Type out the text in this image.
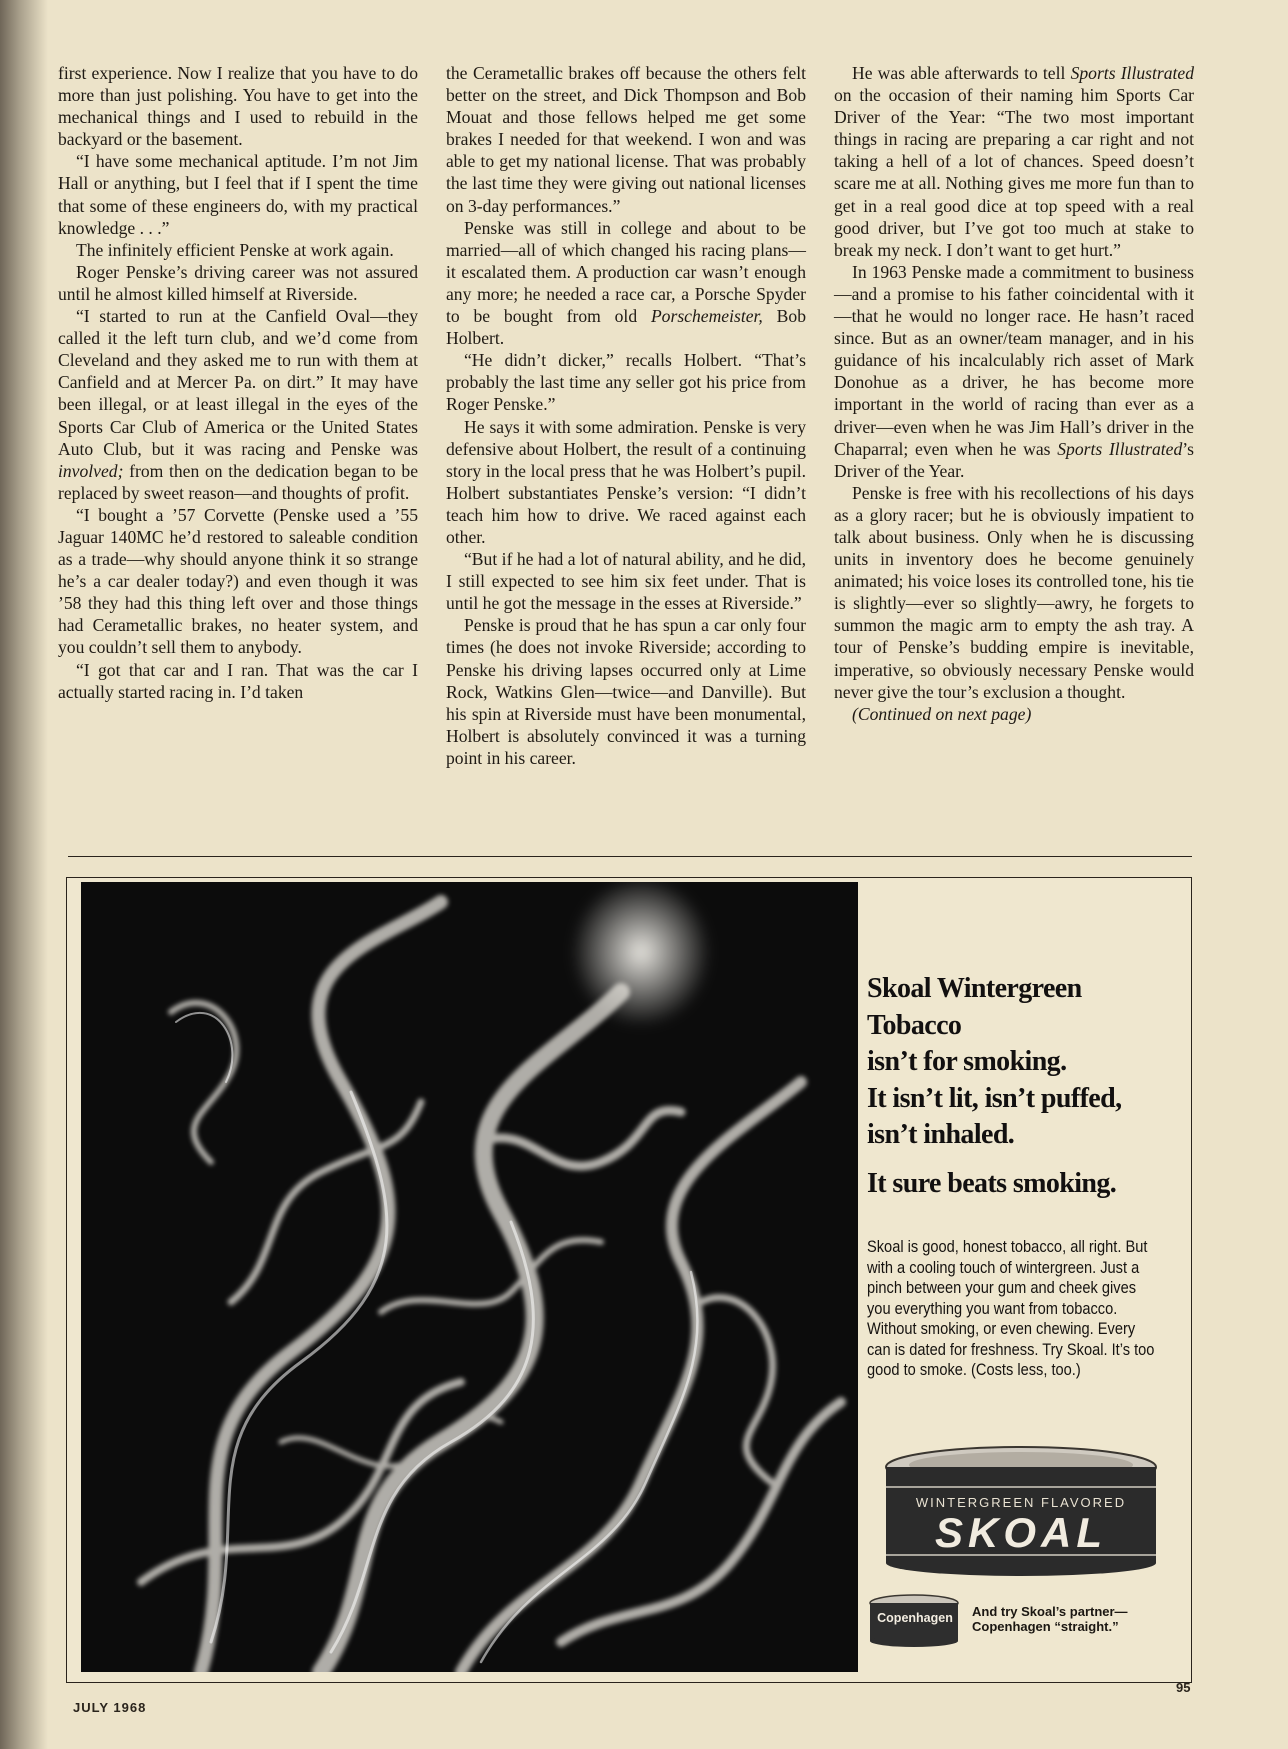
first experience. Now I realize that you have to do more than just polishing. You have to get into the mechanical things and I used to rebuild in the backyard or the basement.

“I have some mechanical aptitude. I’m not Jim Hall or anything, but I feel that if I spent the time that some of these engineers do, with my practical knowledge . . .”

The infinitely efficient Penske at work again.

Roger Penske’s driving career was not assured until he almost killed himself at Riverside.

“I started to run at the Canfield Oval—they called it the left turn club, and we’d come from Cleveland and they asked me to run with them at Canfield and at Mercer Pa. on dirt.” It may have been illegal, or at least illegal in the eyes of the Sports Car Club of America or the United States Auto Club, but it was racing and Penske was involved; from then on the dedication began to be replaced by sweet reason—and thoughts of profit.

“I bought a ’57 Corvette (Penske used a ’55 Jaguar 140MC he’d restored to saleable condition as a trade—why should anyone think it so strange he’s a car dealer today?) and even though it was ’58 they had this thing left over and those things had Cerametallic brakes, no heater system, and you couldn’t sell them to anybody.

“I got that car and I ran. That was the car I actually started racing in. I’d taken

the Cerametallic brakes off because the others felt better on the street, and Dick Thompson and Bob Mouat and those fellows helped me get some brakes I needed for that weekend. I won and was able to get my national license. That was probably the last time they were giving out national licenses on 3-day performances.”

Penske was still in college and about to be married—all of which changed his racing plans—it escalated them. A production car wasn’t enough any more; he needed a race car, a Porsche Spyder to be bought from old Porschemeister, Bob Holbert.

“He didn’t dicker,” recalls Holbert. “That’s probably the last time any seller got his price from Roger Penske.”

He says it with some admiration. Penske is very defensive about Holbert, the result of a continuing story in the local press that he was Holbert’s pupil. Holbert substantiates Penske’s version: “I didn’t teach him how to drive. We raced against each other.

“But if he had a lot of natural ability, and he did, I still expected to see him six feet under. That is until he got the message in the esses at Riverside.”

Penske is proud that he has spun a car only four times (he does not invoke Riverside; according to Penske his driving lapses occurred only at Lime Rock, Watkins Glen—twice—and Danville). But his spin at Riverside must have been monumental, Holbert is absolutely convinced it was a turning point in his career.

He was able afterwards to tell Sports Illustrated on the occasion of their naming him Sports Car Driver of the Year: “The two most important things in racing are preparing a car right and not taking a hell of a lot of chances. Speed doesn’t scare me at all. Nothing gives me more fun than to get in a real good dice at top speed with a real good driver, but I’ve got too much at stake to break my neck. I don’t want to get hurt.”

In 1963 Penske made a commitment to business—and a promise to his father coincidental with it—that he would no longer race. He hasn’t raced since. But as an owner/team manager, and in his guidance of his incalculably rich asset of Mark Donohue as a driver, he has become more important in the world of racing than ever as a driver—even when he was Jim Hall’s driver in the Chaparral; even when he was Sports Illustrated’s Driver of the Year.

Penske is free with his recollections of his days as a glory racer; but he is obviously impatient to talk about business. Only when he is discussing units in inventory does he become genuinely animated; his voice loses its controlled tone, his tie is slightly—ever so slightly—awry, he forgets to summon the magic arm to empty the ash tray. A tour of Penske’s budding empire is inevitable, imperative, so obviously necessary Penske would never give the tour’s exclusion a thought.

(Continued on next page)

Skoal Wintergreen
Tobacco
isn’t for smoking.
It isn’t lit, isn’t puffed,
isn’t inhaled.
It sure beats smoking.
Skoal is good, honest tobacco, all right. But with a cooling touch of wintergreen. Just a pinch between your gum and cheek gives you everything you want from tobacco. Without smoking, or even chewing. Every can is dated for freshness. Try Skoal. It’s too good to smoke. (Costs less, too.)
WINTERGREEN FLAVORED
SKOAL
Copenhagen And try Skoal’s partner— Copenhagen “straight.”
JULY 1968
95
